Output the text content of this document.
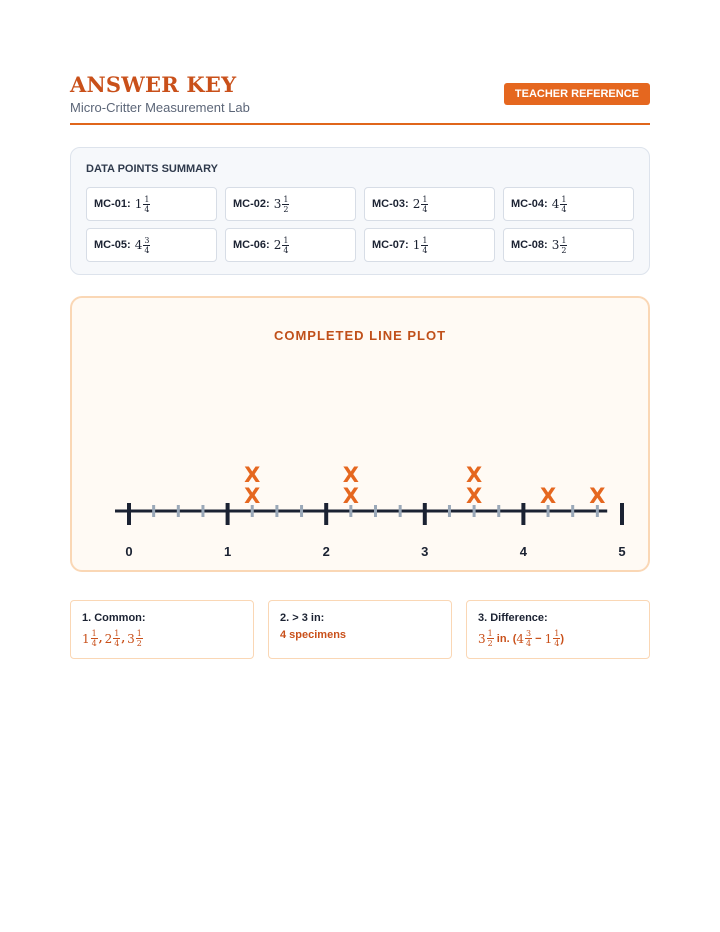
ANSWER KEY
Micro-Critter Measurement Lab
TEACHER REFERENCE
DATA POINTS SUMMARY
MC-01 : $1 \frac{1}{4}$	MC-02 : $3 \frac{1}{2}$	MC-03 : $2 \frac{1}{4}$	MC-04 : $4 \frac{1}{4}$
MC-05 : $4 \frac{3}{4}$	MC-06 : $2 \frac{1}{4}$	MC-07 : $1 \frac{1}{4}$	MC-08 : $3 \frac{1}{2}$
COMPLETED LINE PLOT
0	1	2	3	4	5
X
X
X
X
X
X
X X
1. Common:
$1 \frac{1}{4}$ , $2 \frac{1}{4}$ , $3 \frac{1}{2}$
2. > 3 in:
4 specimens
3. Difference:
$3 \frac{1}{2}$ in. ( $4 \frac{3}{4} - 1 \frac{1}{4}$ )
